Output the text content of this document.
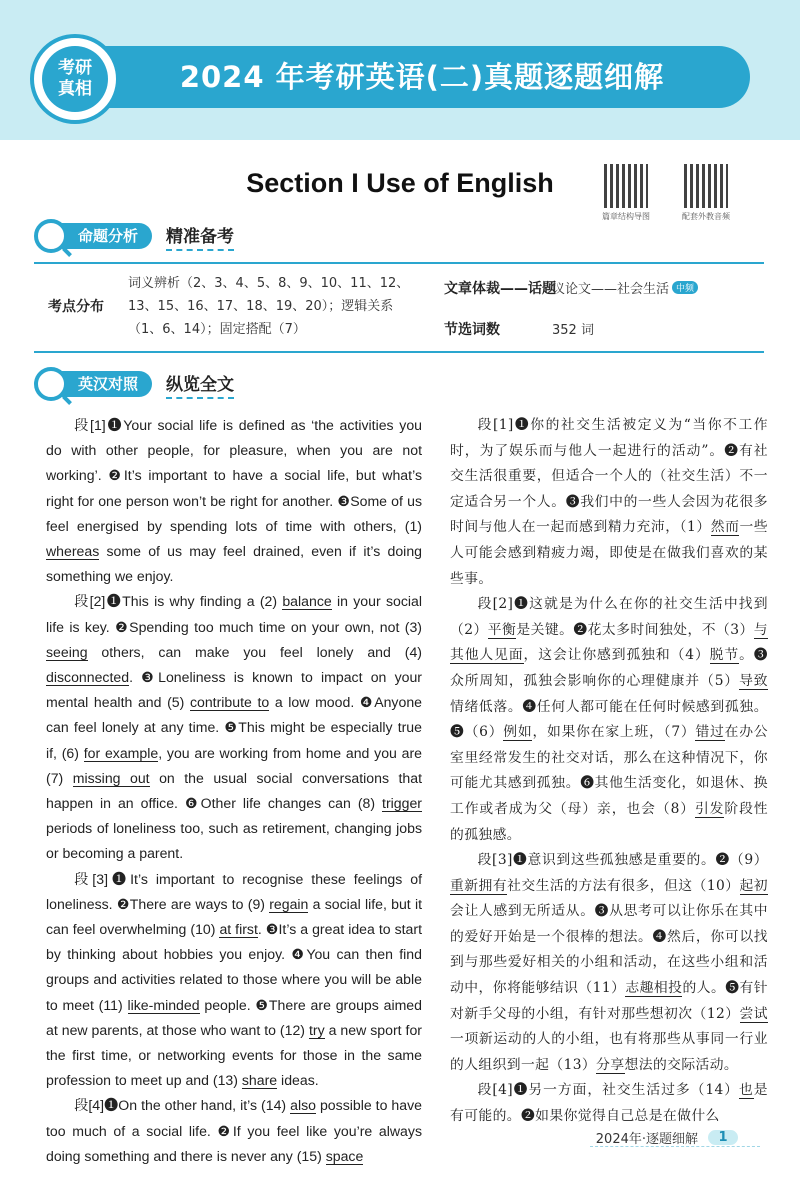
2024 年考研英语(二)真题逐题细解
考研
真相
Section I Use of English
篇章结构导图	配套外教音频
命题分析	精准备考
考点分布
词义辨析（2、3、4、5、8、9、10、11、12、13、15、16、17、18、19、20）；逻辑关系（1、6、14）；固定搭配（7）
文章体裁——话题
议论文——社会生活 中频
节选词数	352 词
英汉对照	纵览全文

段[1]❶Your social life is defined as ‘the activities you do with other people, for pleasure, when you are not working’. ❷It’s important to have a social life, but what’s right for one person won’t be right for another. ❸Some of us feel energised by spending lots of time with others, (1) whereas some of us may feel drained, even if it’s doing something we enjoy.

段[2]❶This is why finding a (2) balance in your social life is key. ❷Spending too much time on your own, not (3) seeing others, can make you feel lonely and (4) disconnected. ❸Loneliness is known to impact on your mental health and (5) contribute to a low mood. ❹Anyone can feel lonely at any time. ❺This might be especially true if, (6) for example, you are working from home and you are (7) missing out on the usual social conversations that happen in an office. ❻Other life changes can (8) trigger periods of loneliness too, such as retirement, changing jobs or becoming a parent.

段[3]❶It’s important to recognise these feelings of loneliness. ❷There are ways to (9) regain a social life, but it can feel overwhelming (10) at first. ❸It’s a great idea to start by thinking about hobbies you enjoy. ❹You can then find groups and activities related to those where you will be able to meet (11) like-minded people. ❺There are groups aimed at new parents, at those who want to (12) try a new sport for the first time, or networking events for those in the same profession to meet up and (13) share ideas.

段[4]❶On the other hand, it’s (14) also possible to have too much of a social life. ❷If you feel like you’re always doing something and there is never any (15) space

段[1]❶你的社交生活被定义为“当你不工作时，为了娱乐而与他人一起进行的活动”。❷有社交生活很重要，但适合一个人的（社交生活）不一定适合另一个人。❸我们中的一些人会因为花很多时间与他人在一起而感到精力充沛，（1）然而一些人可能会感到精疲力竭，即使是在做我们喜欢的某些事。

段[2]❶这就是为什么在你的社交生活中找到（2）平衡是关键。❷花太多时间独处，不（3）与其他人见面，这会让你感到孤独和（4）脱节。❸众所周知，孤独会影响你的心理健康并（5）导致情绪低落。❹任何人都可能在任何时候感到孤独。❺（6）例如，如果你在家上班，（7）错过在办公室里经常发生的社交对话，那么在这种情况下，你可能尤其感到孤独。❻其他生活变化，如退休、换工作或者成为父（母）亲，也会（8）引发阶段性的孤独感。

段[3]❶意识到这些孤独感是重要的。❷（9）重新拥有社交生活的方法有很多，但这（10）起初会让人感到无所适从。❸从思考可以让你乐在其中的爱好开始是一个很棒的想法。❹然后，你可以找到与那些爱好相关的小组和活动，在这些小组和活动中，你将能够结识（11）志趣相投的人。❺有针对新手父母的小组，有针对那些想初次（12）尝试一项新运动的人的小组，也有将那些从事同一行业的人组织到一起（13）分享想法的交际活动。

段[4]❶另一方面，社交生活过多（14）也是有可能的。❷如果你觉得自己总是在做什么

2024年·逐题细解	1
